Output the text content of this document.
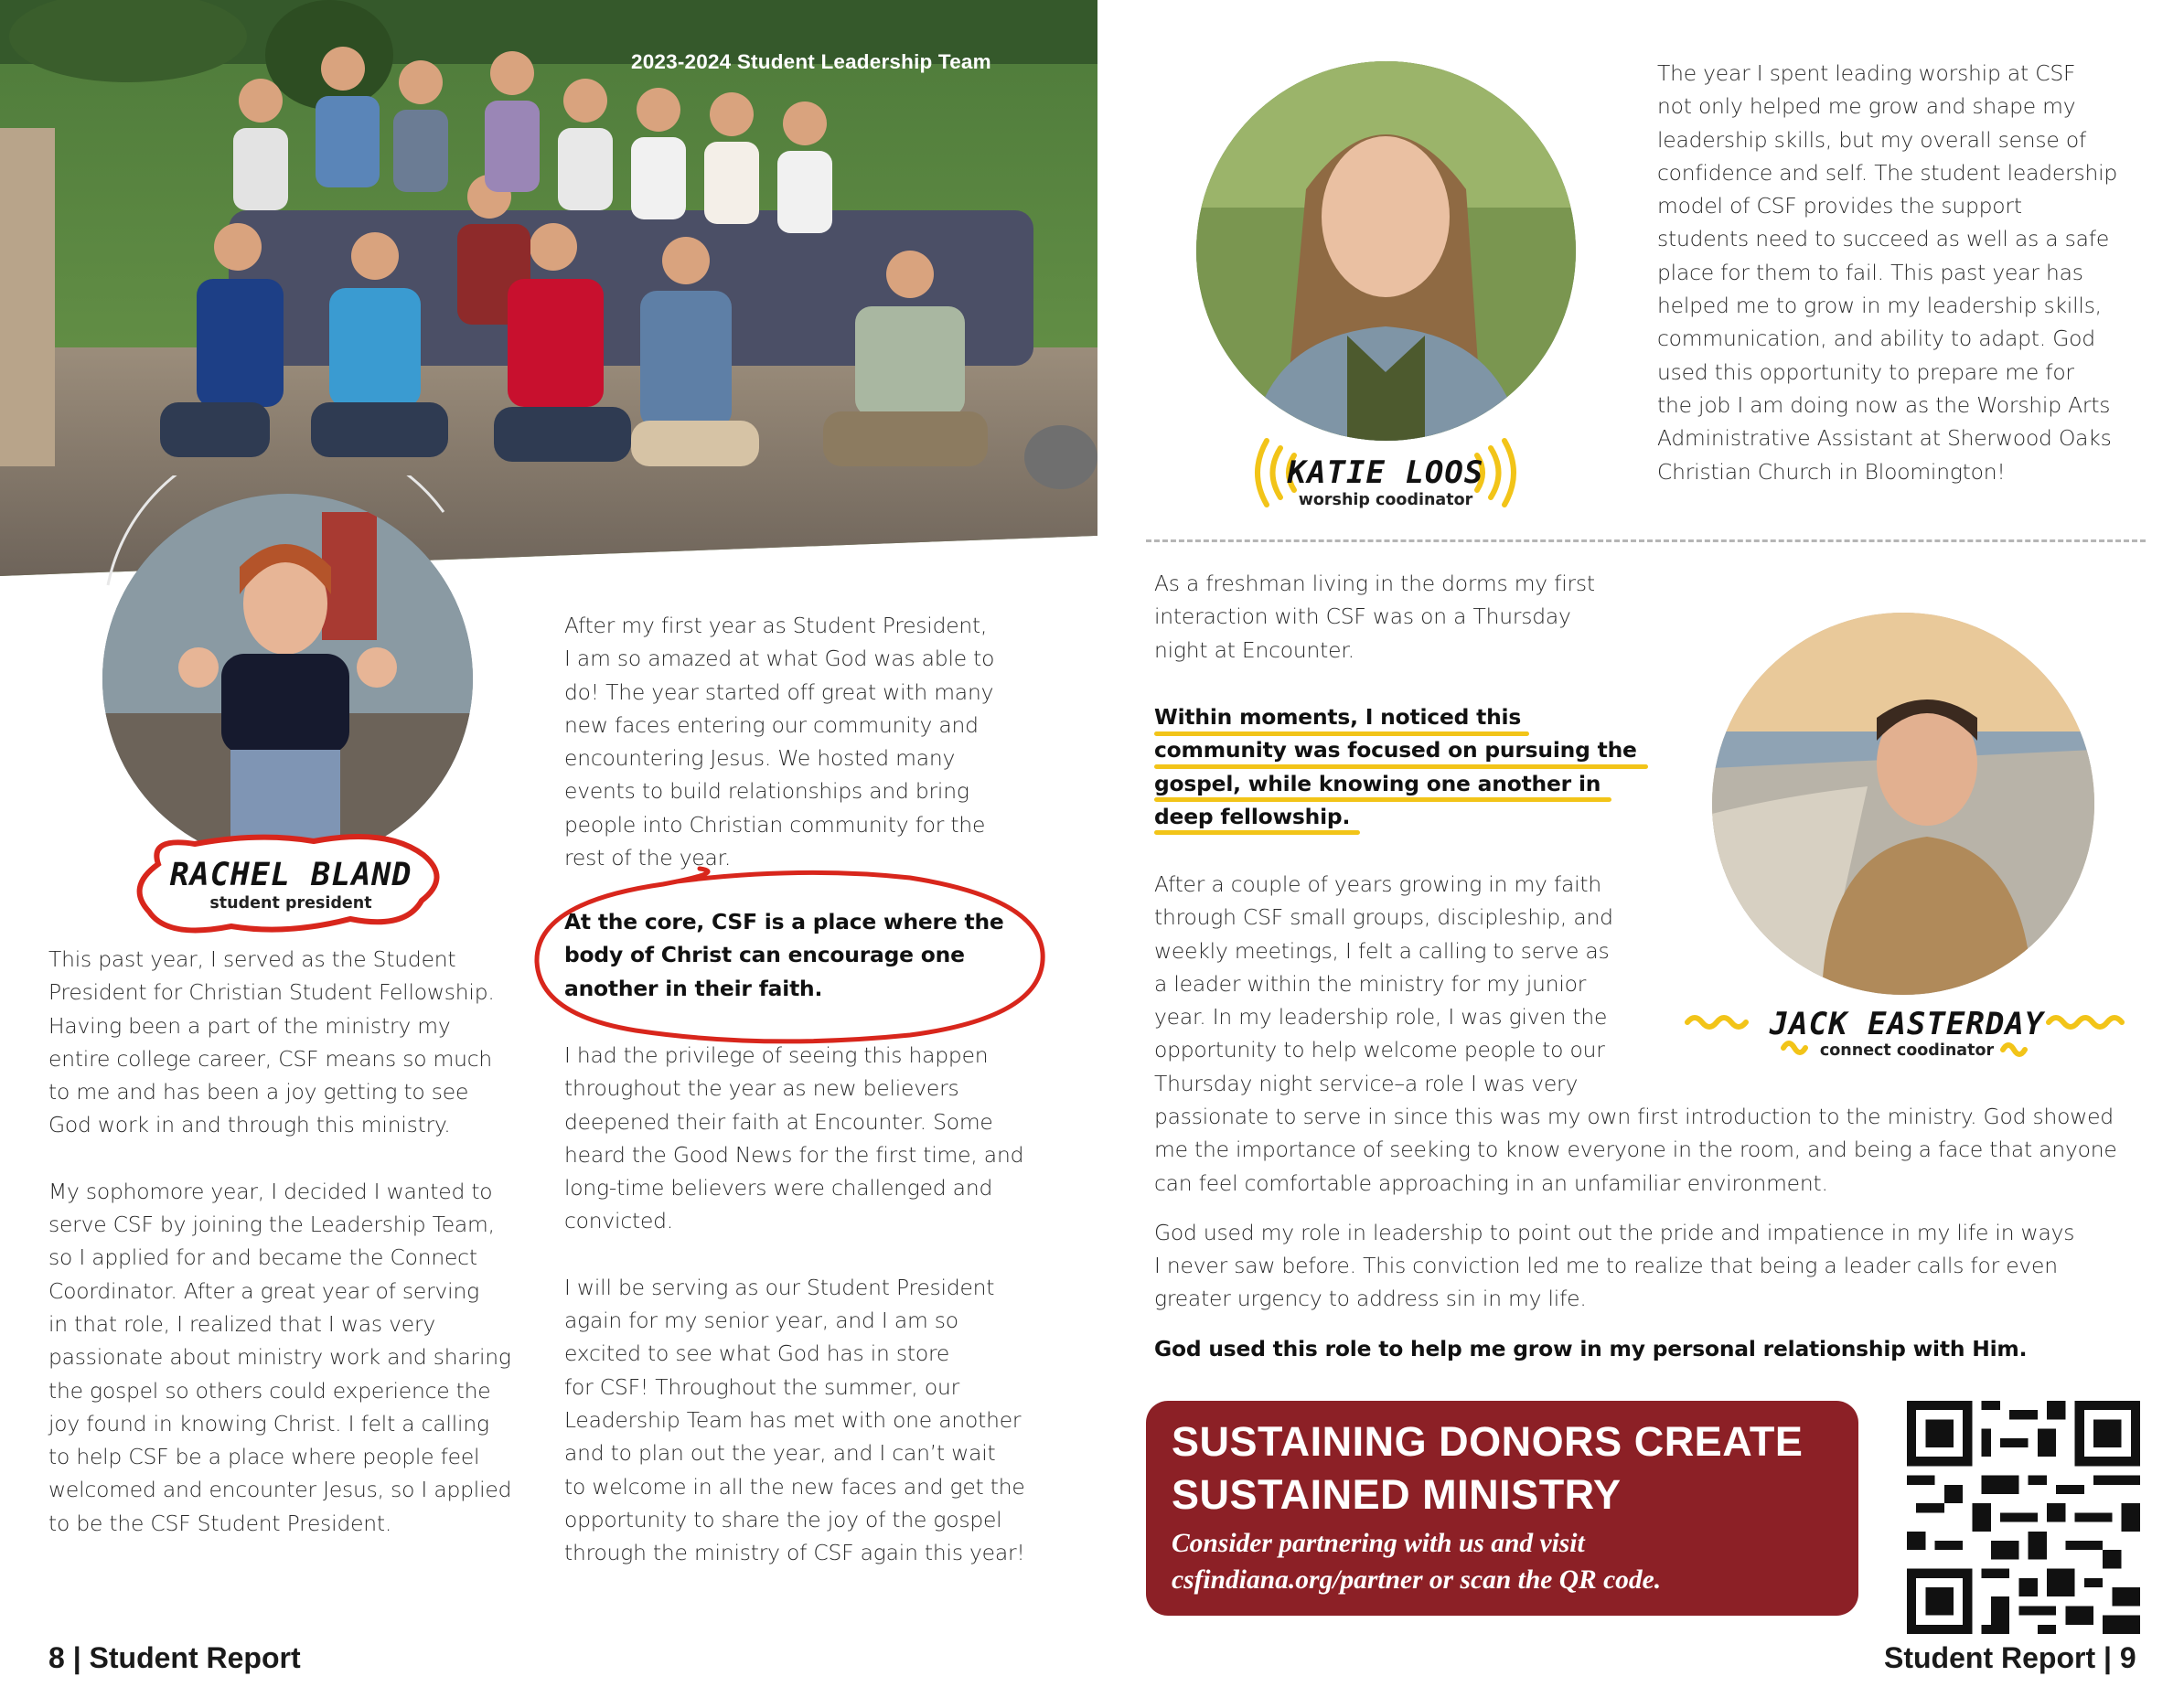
2023-2024 Student Leadership Team
RACHEL BLAND
student president

This past year, I served as the Student
President for Christian Student Fellowship.
Having been a part of the ministry my
entire college career, CSF means so much
to me and has been a joy getting to see
God work in and through this ministry.

My sophomore year, I decided I wanted to
serve CSF by joining the Leadership Team,
so I applied for and became the Connect
Coordinator. After a great year of serving
in that role, I realized that I was very
passionate about ministry work and sharing
the gospel so others could experience the
joy found in knowing Christ. I felt a calling
to help CSF be a place where people feel
welcomed and encounter Jesus, so I applied
to be the CSF Student President.

After my first year as Student President,
I am so amazed at what God was able to
do! The year started off great with many
new faces entering our community and
encountering Jesus. We hosted many
events to build relationships and bring
people into Christian community for the
rest of the year.

At the core, CSF is a place where the
body of Christ can encourage one
another in their faith.

I had the privilege of seeing this happen
throughout the year as new believers
deepened their faith at Encounter. Some
heard the Good News for the first time, and
long-time believers were challenged and
convicted.

I will be serving as our Student President
again for my senior year, and I am so
excited to see what God has in store
for CSF! Throughout the summer, our
Leadership Team has met with one another
and to plan out the year, and I can’t wait
to welcome in all the new faces and get the
opportunity to share the joy of the gospel
through the ministry of CSF again this year!

8 | Student Report
KATIE LOOS
worship coodinator

The year I spent leading worship at CSF
not only helped me grow and shape my
leadership skills, but my overall sense of
confidence and self. The student leadership
model of CSF provides the support
students need to succeed as well as a safe
place for them to fail. This past year has
helped me to grow in my leadership skills,
communication, and ability to adapt. God
used this opportunity to prepare me for
the job I am doing now as the Worship Arts
Administrative Assistant at Sherwood Oaks
Christian Church in Bloomington!

As a freshman living in the dorms my first
interaction with CSF was on a Thursday
night at Encounter.

Within moments, I noticed this
community was focused on pursuing the
gospel, while knowing one another in
deep fellowship.

After a couple of years growing in my faith
through CSF small groups, discipleship, and
weekly meetings, I felt a calling to serve as
a leader within the ministry for my junior
year. In my leadership role, I was given the
opportunity to help welcome people to our
Thursday night service–a role I was very

passionate to serve in since this was my own first introduction to the ministry. God showed
me the importance of seeking to know everyone in the room, and being a face that anyone
can feel comfortable approaching in an unfamiliar environment.

God used my role in leadership to point out the pride and impatience in my life in ways
I never saw before. This conviction led me to realize that being a leader calls for even
greater urgency to address sin in my life.

God used this role to help me grow in my personal relationship with Him.

JACK EASTERDAY
connect coodinator

SUSTAINING DONORS CREATE
SUSTAINED MINISTRY

Consider partnering with us and visit
csfindiana.org/partner or scan the QR code.

Student Report | 9
